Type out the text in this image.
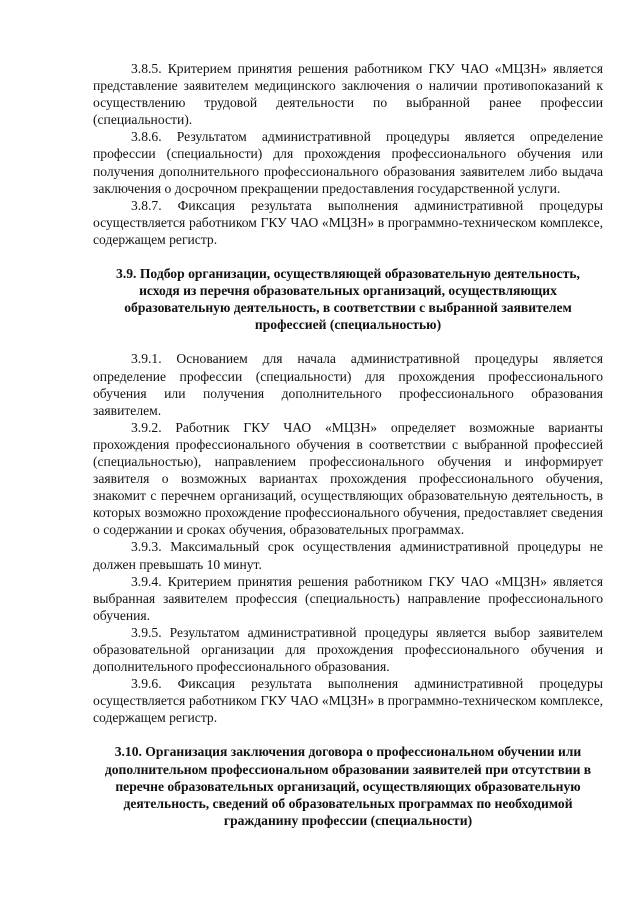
3.8.5. Критерием принятия решения работником ГКУ ЧАО «МЦЗН» является представление заявителем медицинского заключения о наличии противопоказаний к осуществлению трудовой деятельности по выбранной ранее профессии (специальности).

3.8.6. Результатом административной процедуры является определение профессии (специальности) для прохождения профессионального обучения или получения дополнительного профессионального образования заявителем либо выдача заключения о досрочном прекращении предоставления государственной услуги.

3.8.7. Фиксация результата выполнения административной процедуры осуществляется работником ГКУ ЧАО «МЦЗН» в программно-техническом комплексе, содержащем регистр.

3.9. Подбор организации, осуществляющей образовательную деятельность, исходя из перечня образовательных организаций, осуществляющих образовательную деятельность, в соответствии с выбранной заявителем профессией (специальностью)

3.9.1. Основанием для начала административной процедуры является определение профессии (специальности) для прохождения профессионального обучения или получения дополнительного профессионального образования заявителем.

3.9.2. Работник ГКУ ЧАО «МЦЗН» определяет возможные варианты прохождения профессионального обучения в соответствии с выбранной профессией (специальностью), направлением профессионального обучения и информирует заявителя о возможных вариантах прохождения профессионального обучения, знакомит с перечнем организаций, осуществляющих образовательную деятельность, в которых возможно прохождение профессионального обучения, предоставляет сведения о содержании и сроках обучения, образовательных программах.

3.9.3. Максимальный срок осуществления административной процедуры не должен превышать 10 минут.

3.9.4. Критерием принятия решения работником ГКУ ЧАО «МЦЗН» является выбранная заявителем профессия (специальность) направление профессионального обучения.

3.9.5. Результатом административной процедуры является выбор заявителем образовательной организации для прохождения профессионального обучения и дополнительного профессионального образования.

3.9.6. Фиксация результата выполнения административной процедуры осуществляется работником ГКУ ЧАО «МЦЗН» в программно-техническом комплексе, содержащем регистр.

3.10. Организация заключения договора о профессиональном обучении или дополнительном профессиональном образовании заявителей при отсутствии в перечне образовательных организаций, осуществляющих образовательную деятельность, сведений об образовательных программах по необходимой гражданину профессии (специальности)
